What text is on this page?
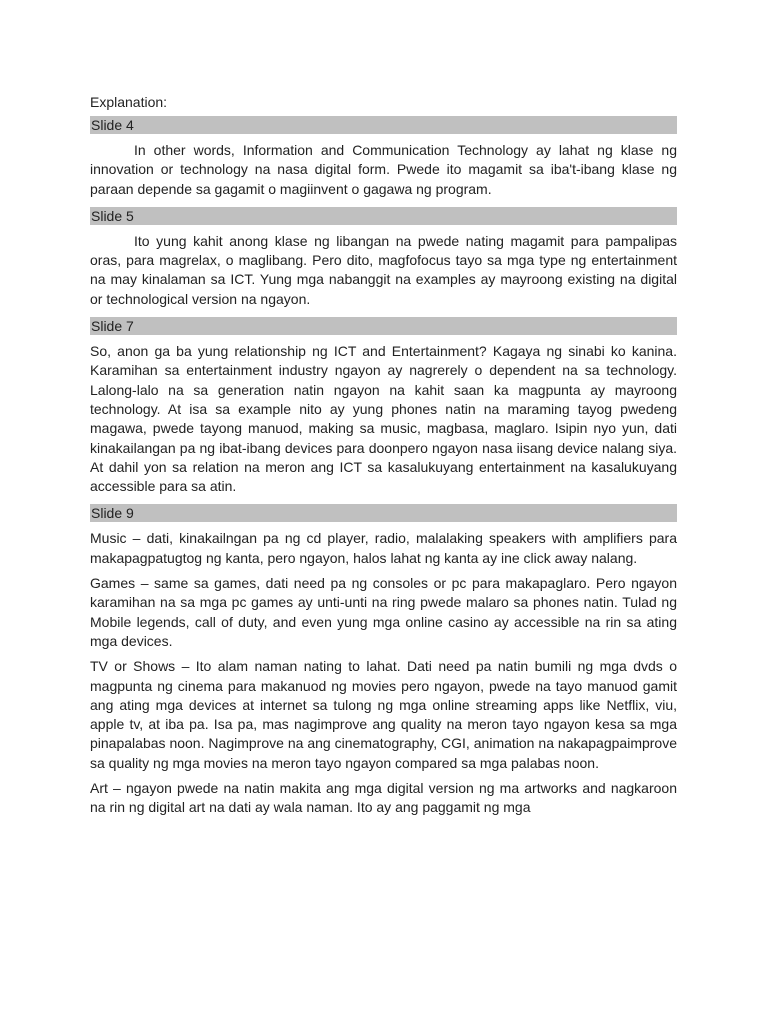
Explanation:
Slide 4

In other words, Information and Communication Technology ay lahat ng klase ng innovation or technology na nasa digital form. Pwede ito magamit sa iba't-ibang klase ng paraan depende sa gagamit o magiinvent o gagawa ng program.

Slide 5

Ito yung kahit anong klase ng libangan na pwede nating magamit para pampalipas oras, para magrelax, o maglibang. Pero dito, magfofocus tayo sa mga type ng entertainment na may kinalaman sa ICT. Yung mga nabanggit na examples ay mayroong existing na digital or technological version na ngayon.

Slide 7

So, anon ga ba yung relationship ng ICT and Entertainment? Kagaya ng sinabi ko kanina. Karamihan sa entertainment industry ngayon ay nagrerely o dependent na sa technology. Lalong-lalo na sa generation natin ngayon na kahit saan ka magpunta ay mayroong technology. At isa sa example nito ay yung phones natin na maraming tayog pwedeng magawa, pwede tayong manuod, making sa music, magbasa, maglaro. Isipin nyo yun, dati kinakailangan pa ng ibat-ibang devices para doonpero ngayon nasa iisang device nalang siya. At dahil yon sa relation na meron ang ICT sa kasalukuyang entertainment na kasalukuyang accessible para sa atin.

Slide 9

Music – dati, kinakailngan pa ng cd player, radio, malalaking speakers with amplifiers para makapagpatugtog ng kanta, pero ngayon, halos lahat ng kanta ay ine click away nalang.

Games – same sa games, dati need pa ng consoles or pc para makapaglaro. Pero ngayon karamihan na sa mga pc games ay unti-unti na ring pwede malaro sa phones natin. Tulad ng Mobile legends, call of duty, and even yung mga online casino ay accessible na rin sa ating mga devices.

TV or Shows – Ito alam naman nating to lahat. Dati need pa natin bumili ng mga dvds o magpunta ng cinema para makanuod ng movies pero ngayon, pwede na tayo manuod gamit ang ating mga devices at internet sa tulong ng mga online streaming apps like Netflix, viu, apple tv, at iba pa. Isa pa, mas nagimprove ang quality na meron tayo ngayon kesa sa mga pinapalabas noon. Nagimprove na ang cinematography, CGI, animation na nakapagpaimprove sa quality ng mga movies na meron tayo ngayon compared sa mga palabas noon.

Art – ngayon pwede na natin makita ang mga digital version ng ma artworks and nagkaroon na rin ng digital art na dati ay wala naman. Ito ay ang paggamit ng mga
